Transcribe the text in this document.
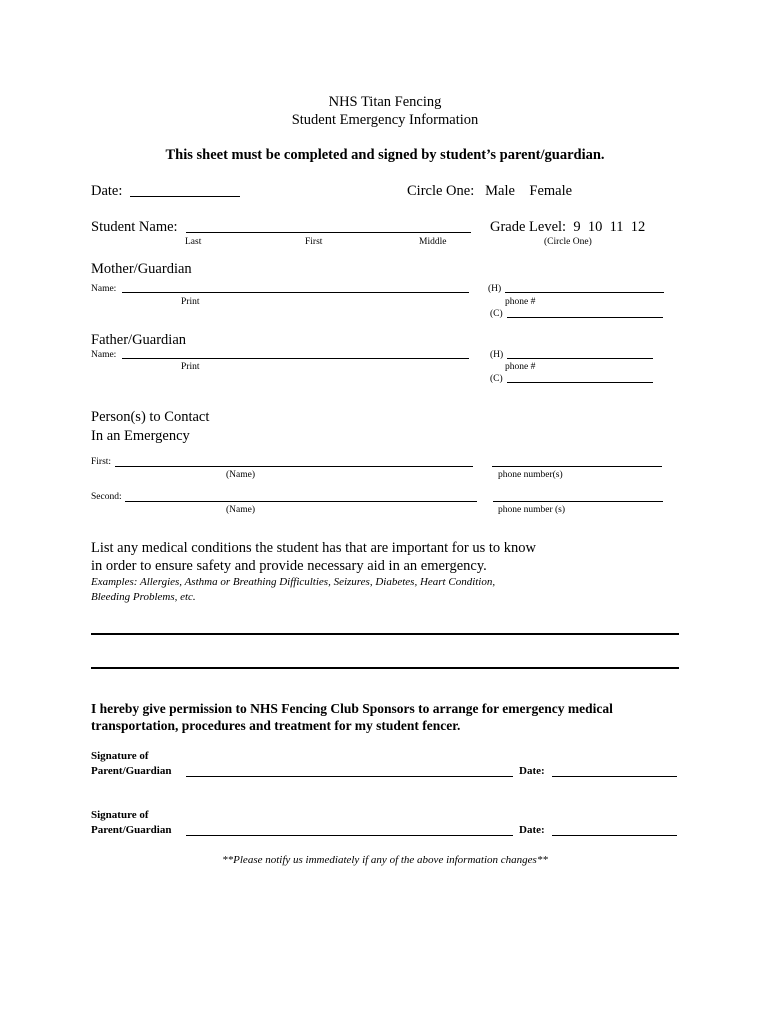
NHS Titan Fencing
Student Emergency Information
This sheet must be completed and signed by student’s parent/guardian.
Date:	Circle One:   Male    Female
Student Name:
Last	First	Middle
Grade Level:  9  10  11  12
(Circle One)
Mother/Guardian
Name:
Print
(H)
phone #
(C)
Father/Guardian
Name:
Print
(H)
phone #
(C)
Person(s) to Contact
In an Emergency
First:
(Name)	phone number(s)
Second:
(Name)	phone number (s)
List any medical conditions the student has that are important for us to know
in order to ensure safety and provide necessary aid in an emergency.
Examples: Allergies, Asthma or Breathing Difficulties, Seizures, Diabetes, Heart Condition,
Bleeding Problems, etc.
I hereby give permission to NHS Fencing Club Sponsors to arrange for emergency medical
transportation, procedures and treatment for my student fencer.
Signature of
Parent/Guardian	Date:
Signature of
Parent/Guardian	Date:
**Please notify us immediately if any of the above information changes**
